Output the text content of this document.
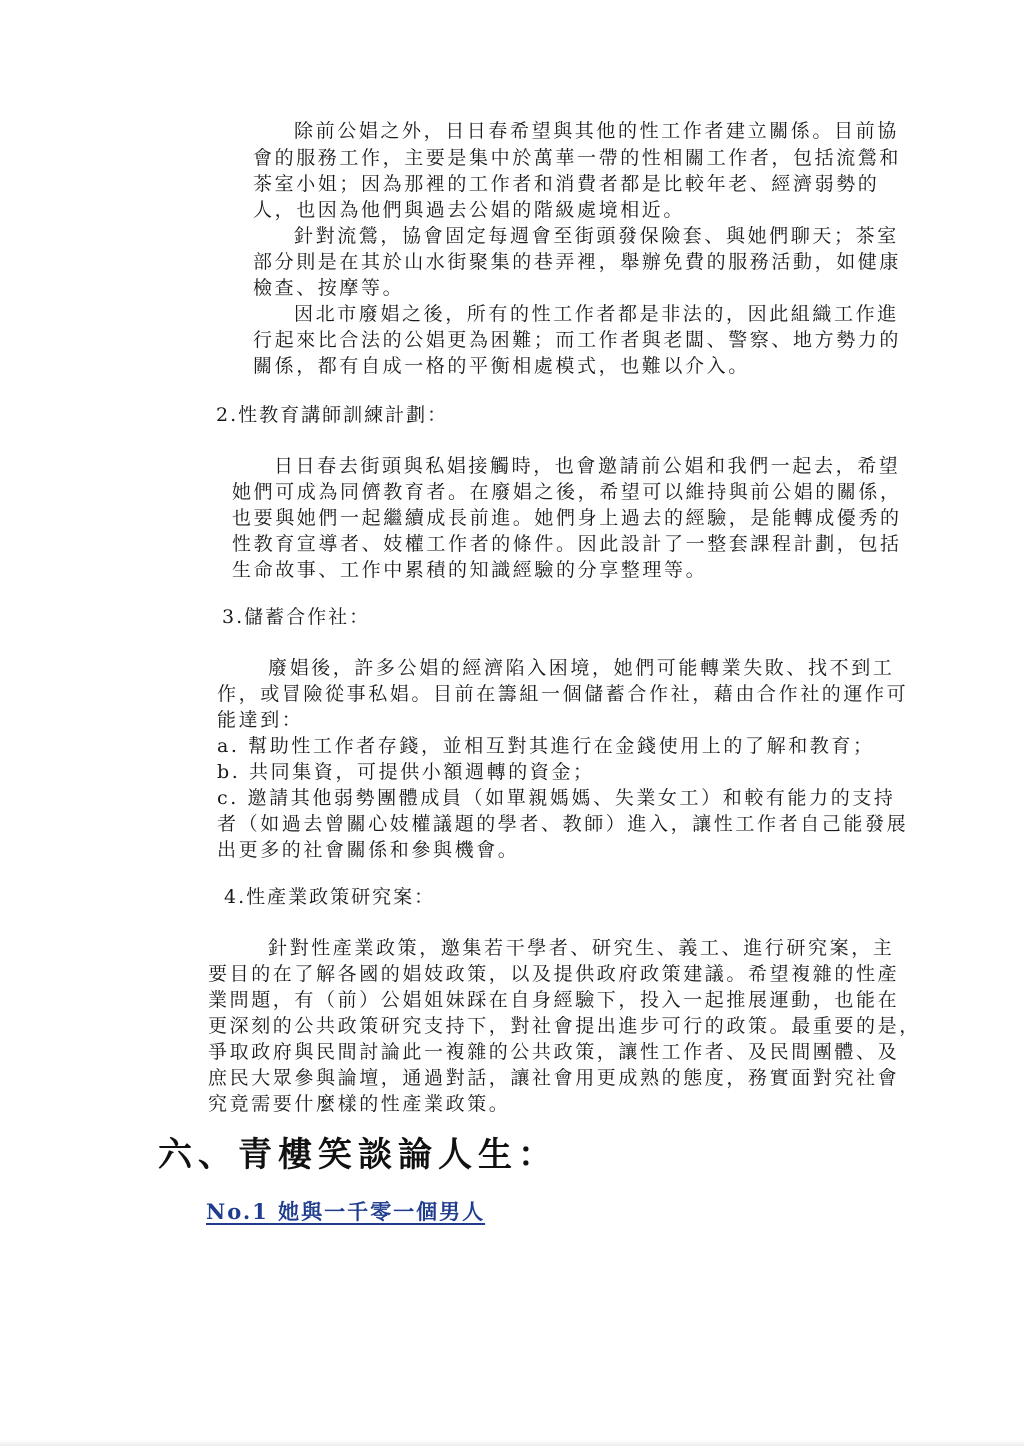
除前公娼之外，日日春希望與其他的性工作者建立關係。目前協
會的服務工作，主要是集中於萬華一帶的性相關工作者，包括流鶯和
茶室小姐；因為那裡的工作者和消費者都是比較年老、經濟弱勢的
人，也因為他們與過去公娼的階級處境相近。
針對流鶯，協會固定每週會至街頭發保險套、與她們聊天；茶室
部分則是在其於山水街聚集的巷弄裡，舉辦免費的服務活動，如健康
檢查、按摩等。
因北市廢娼之後，所有的性工作者都是非法的，因此組織工作進
行起來比合法的公娼更為困難；而工作者與老闆、警察、地方勢力的
關係，都有自成一格的平衡相處模式，也難以介入。
2.性教育講師訓練計劃：
日日春去街頭與私娼接觸時，也會邀請前公娼和我們一起去，希望
她們可成為同儕教育者。在廢娼之後，希望可以維持與前公娼的關係，
也要與她們一起繼續成長前進。她們身上過去的經驗，是能轉成優秀的
性教育宣導者、妓權工作者的條件。因此設計了一整套課程計劃，包括
生命故事、工作中累積的知識經驗的分享整理等。
3.儲蓄合作社：
廢娼後，許多公娼的經濟陷入困境，她們可能轉業失敗、找不到工
作，或冒險從事私娼。目前在籌組一個儲蓄合作社，藉由合作社的運作可
能達到：
a. 幫助性工作者存錢，並相互對其進行在金錢使用上的了解和教育；
b. 共同集資，可提供小額週轉的資金；
c. 邀請其他弱勢團體成員（如單親媽媽、失業女工）和較有能力的支持
者（如過去曾關心妓權議題的學者、教師）進入，讓性工作者自己能發展
出更多的社會關係和參與機會。
4.性產業政策研究案：
針對性產業政策，邀集若干學者、研究生、義工、進行研究案，主
要目的在了解各國的娼妓政策，以及提供政府政策建議。希望複雜的性產
業問題，有（前）公娼姐妹踩在自身經驗下，投入一起推展運動，也能在
更深刻的公共政策研究支持下，對社會提出進步可行的政策。最重要的是，
爭取政府與民間討論此一複雜的公共政策，讓性工作者、及民間團體、及
庶民大眾參與論壇，通過對話，讓社會用更成熟的態度，務實面對究社會
究竟需要什麼樣的性產業政策。
六、青樓笑談論人生：
No.1 她與一千零一個男人
